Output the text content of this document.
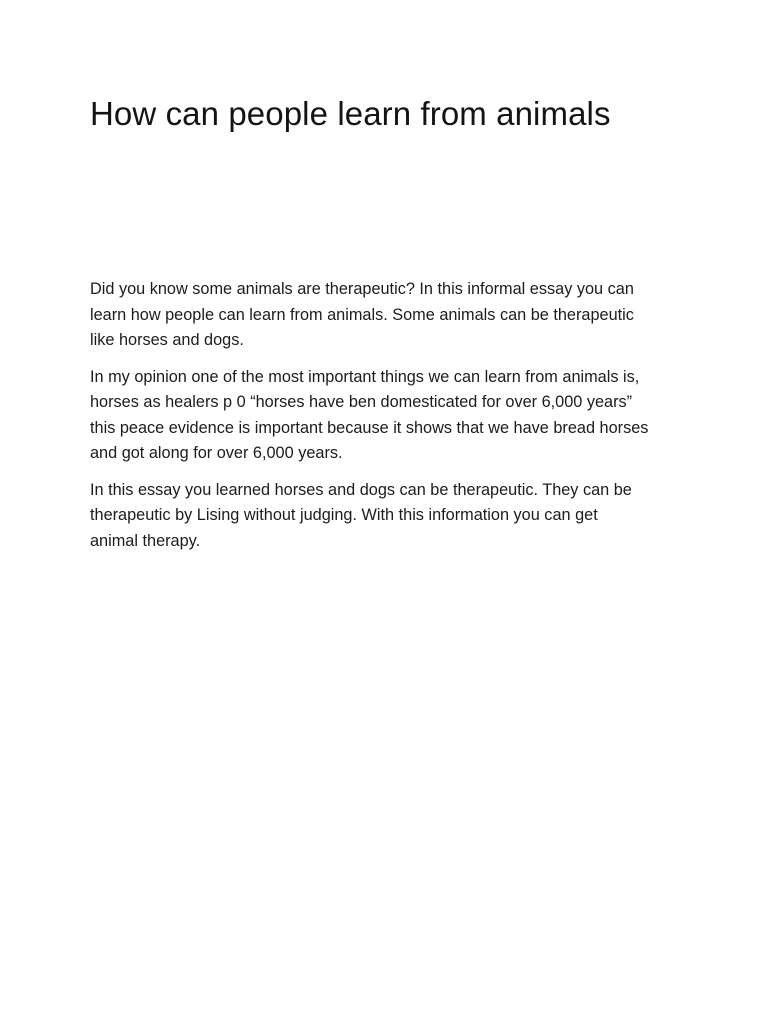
How can people learn from animals

Did you know some animals are therapeutic? In this informal essay you can
learn how people can learn from animals. Some animals can be therapeutic
like horses and dogs.

In my opinion one of the most important things we can learn from animals is,
horses as healers p 0 “horses have ben domesticated for over 6,000 years”
this peace evidence is important because it shows that we have bread horses
and got along for over 6,000 years.

In this essay you learned horses and dogs can be therapeutic. They can be
therapeutic by Lising without judging. With this information you can get
animal therapy.
